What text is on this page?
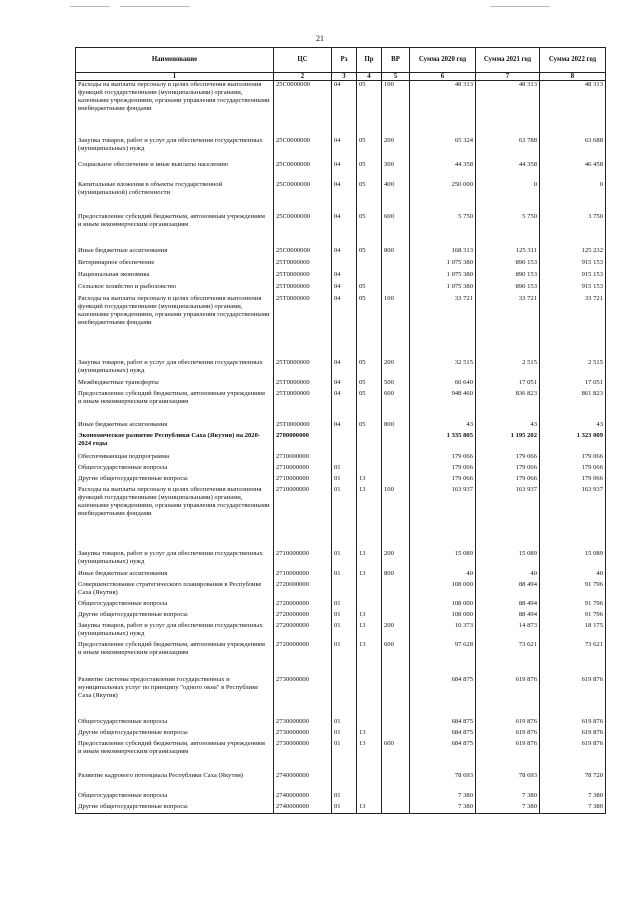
21
Наименование	ЦС	Рз	Пр	ВР	Сумма 2020 год	Сумма 2021 год	Сумма 2022 год
1	2	3	4	5	6	7	8
Расходы на выплаты персоналу в целях обеспечения выполнения функций государственными (муниципальными) органами, казенными учреждениями, органами управления государственными внебюджетными фондами	25С0000000	04	05	100	48 313	48 313	48 313
Закупка товаров, работ и услуг для обеспечения государственных (муниципальных) нужд	25С0000000	04	05	200	65 324	63 788	63 688
Социальное обеспечение и иные выплаты населению	25С0000000	04	05	300	44 358	44 358	46 458
Капитальные вложения в объекты государственной (муниципальной) собственности	25С0000000	04	05	400	250 000	0	0
Предоставление субсидий бюджетным, автономным учреждениям и иным некоммерческим организациям	25С0000000	04	05	600	5 750	5 750	3 750
Иные бюджетные ассигнования	25С0000000	04	05	800	168 313	125 311	125 232
Ветеринарное обеспечение	25Т0000000				1 075 380	890 153	915 153
Национальная экономика	25Т0000000	04			1 075 380	890 153	915 153
Сельское хозяйство и рыболовство	25Т0000000	04	05		1 075 380	890 153	915 153
Расходы на выплаты персоналу в целях обеспечения выполнения функций государственными (муниципальными) органами, казенными учреждениями, органами управления государственными внебюджетными фондами	25Т0000000	04	05	100	33 721	33 721	33 721
Закупка товаров, работ и услуг для обеспечения государственных (муниципальных) нужд	25Т0000000	04	05	200	32 515	2 515	2 515
Межбюджетные трансферты	25Т0000000	04	05	500	60 640	17 051	17 051
Предоставление субсидий бюджетным, автономным учреждениям и иным некоммерческим организациям	25Т0000000	04	05	600	948 460	836 823	861 823
Иные бюджетные ассигнования	25Т0000000	04	05	800	43	43	43
Экономическое развитие Республики Саха (Якутия) на 2020-2024 годы	2700000000				1 335 805	1 195 202	1 323 009
Обеспечивающая подпрограмма	2710000000				179 066	179 066	179 066
Общегосударственные вопросы	2710000000	01			179 066	179 066	179 066
Другие общегосударственные вопросы	2710000000	01	13		179 066	179 066	179 066
Расходы на выплаты персоналу в целях обеспечения выполнения функций государственными (муниципальными) органами, казенными учреждениями, органами управления государственными внебюджетными фондами	2710000000	01	13	100	163 937	163 937	163 937
Закупка товаров, работ и услуг для обеспечения государственных (муниципальных) нужд	2710000000	01	13	200	15 089	15 089	15 089
Иные бюджетные ассигнования	2710000000	01	13	800	40	40	40
Совершенствование стратегического планирования в Республике Саха (Якутия)	2720000000				108 000	88 494	91 796
Общегосударственные вопросы	2720000000	01			108 000	88 494	91 796
Другие общегосударственные вопросы	2720000000	01	13		108 000	88 494	91 796
Закупка товаров, работ и услуг для обеспечения государственных (муниципальных) нужд	2720000000	01	13	200	10 373	14 873	18 175
Предоставление субсидий бюджетным, автономным учреждениям и иным некоммерческим организациям	2720000000	01	13	600	97 628	73 621	73 621
Развитие системы предоставления государственных и муниципальных услуг по принципу "одного окна" в Республике Саха (Якутия)	2730000000				684 875	619 876	619 876
Общегосударственные вопросы	2730000000	01			684 875	619 876	619 876
Другие общегосударственные вопросы	2730000000	01	13		684 875	619 876	619 876
Предоставление субсидий бюджетным, автономным учреждениям и иным некоммерческим организациям	2730000000	01	13	600	684 875	619 876	619 876
Развитие кадрового потенциала Республики Саха (Якутия)	2740000000				78 693	78 693	78 720
Общегосударственные вопросы	2740000000	01			7 380	7 380	7 380
Другие общегосударственные вопросы	2740000000	01	13		7 380	7 380	7 380
